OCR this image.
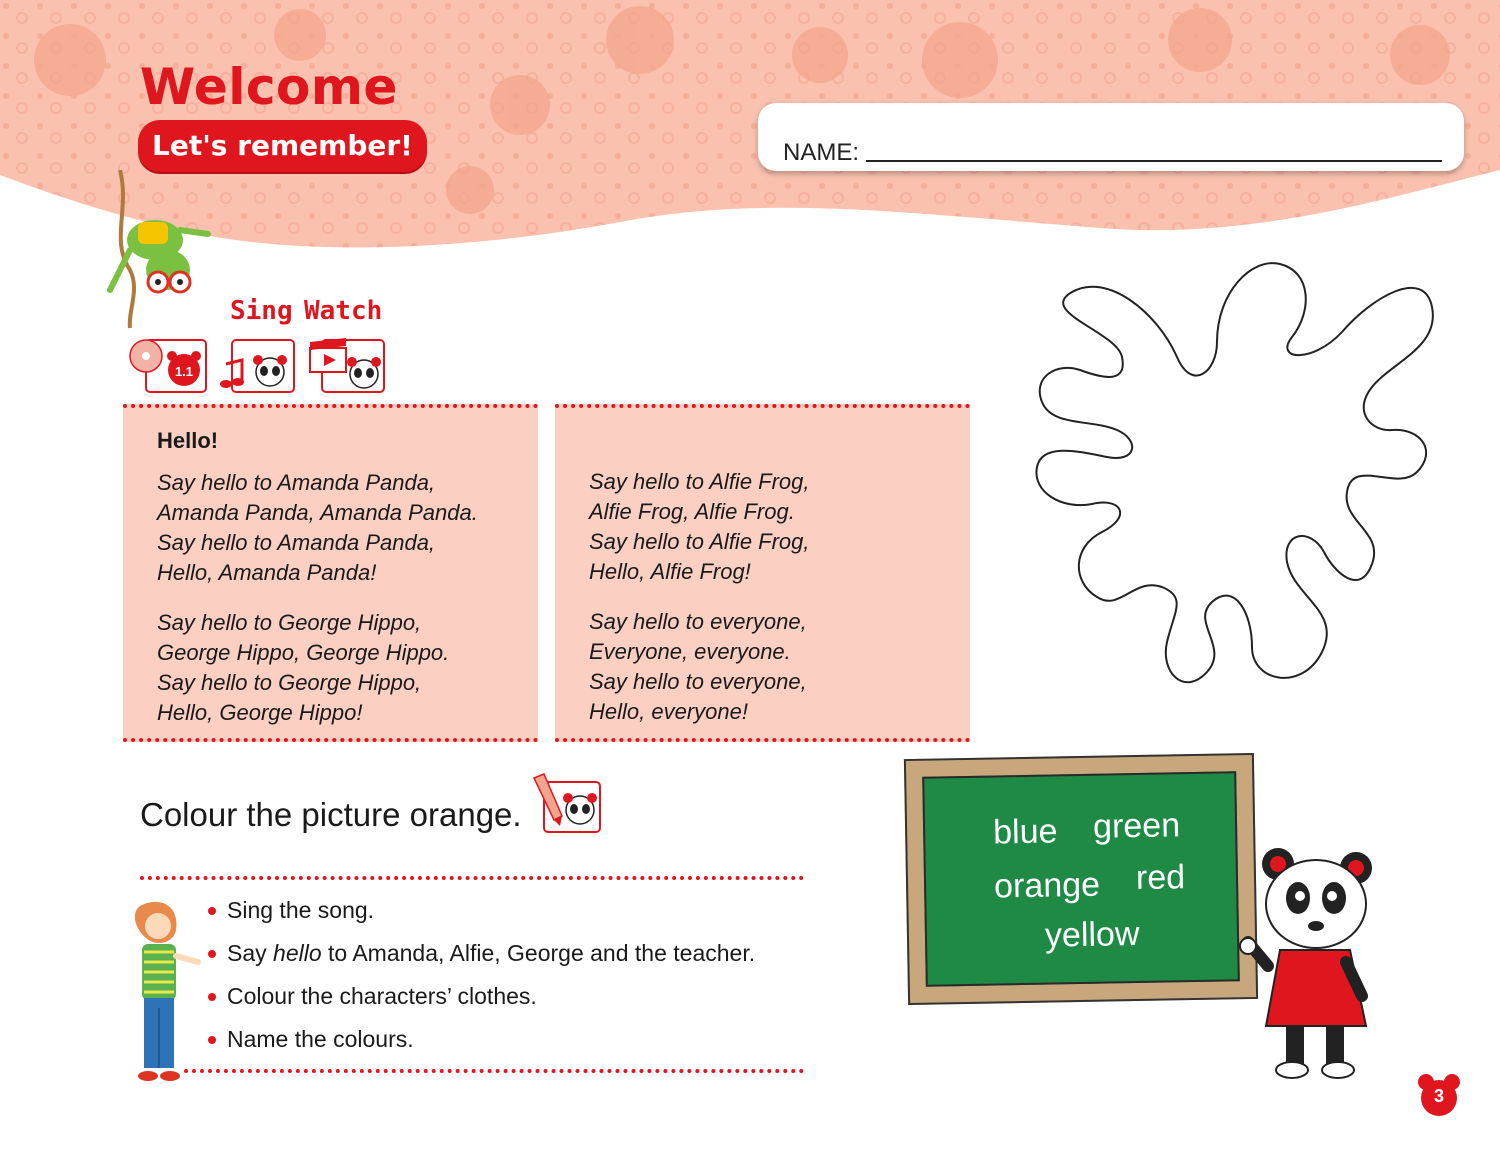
Welcome
Let's remember!	NAME:
Sing Watch
1.1
Hello!
Say hello to Amanda Panda,
Amanda Panda, Amanda Panda.
Say hello to Amanda Panda,
Hello, Amanda Panda!
Say hello to George Hippo,
George Hippo, George Hippo.
Say hello to George Hippo,
Hello, George Hippo!
Say hello to Alfie Frog,
Alfie Frog, Alfie Frog.
Say hello to Alfie Frog,
Hello, Alfie Frog!
Say hello to everyone,
Everyone, everyone.
Say hello to everyone,
Hello, everyone!
Colour the picture orange.
Sing the song.
Say hello to Amanda, Alfie, George and the teacher.
Colour the characters’ clothes.
Name the colours.
blue green
orange red
yellow
3
